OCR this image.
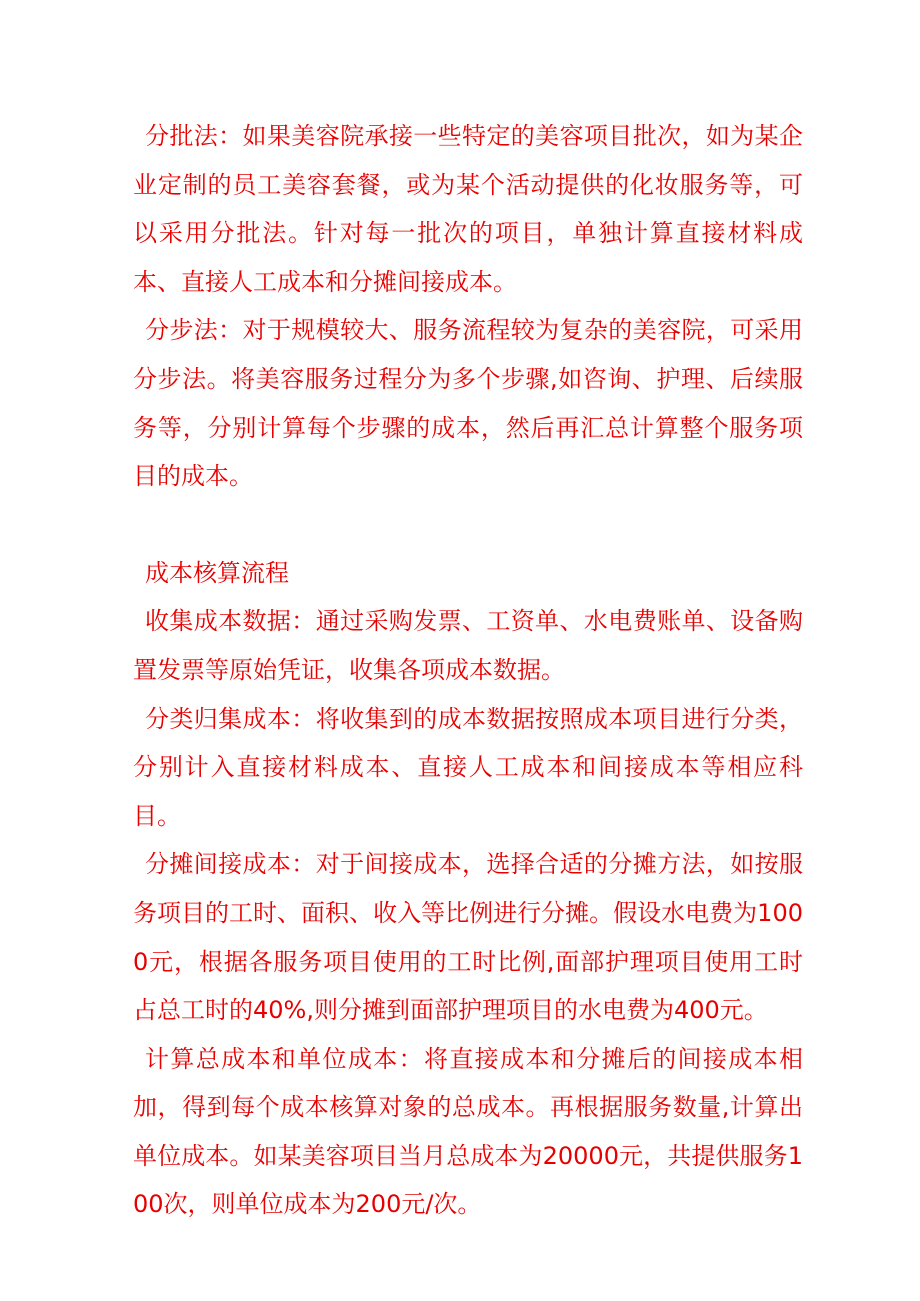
分批法：如果美容院承接一些特定的美容项目批次，如为某企业定制的员工美容套餐，或为某个活动提供的化妆服务等，可以采用分批法。针对每一批次的项目，单独计算直接材料成本、直接人工成本和分摊间接成本。

分步法：对于规模较大、服务流程较为复杂的美容院，可采用分步法。将美容服务过程分为多个步骤,如咨询、护理、后续服务等，分别计算每个步骤的成本，然后再汇总计算整个服务项目的成本。

成本核算流程

收集成本数据：通过采购发票、工资单、水电费账单、设备购置发票等原始凭证，收集各项成本数据。

分类归集成本：将收集到的成本数据按照成本项目进行分类，分别计入直接材料成本、直接人工成本和间接成本等相应科目。

分摊间接成本：对于间接成本，选择合适的分摊方法，如按服务项目的工时、面积、收入等比例进行分摊。假设水电费为1000元，根据各服务项目使用的工时比例,面部护理项目使用工时占总工时的40%,则分摊到面部护理项目的水电费为400元。

计算总成本和单位成本：将直接成本和分摊后的间接成本相加，得到每个成本核算对象的总成本。再根据服务数量,计算出单位成本。如某美容项目当月总成本为20000元，共提供服务100次，则单位成本为200元/次。
